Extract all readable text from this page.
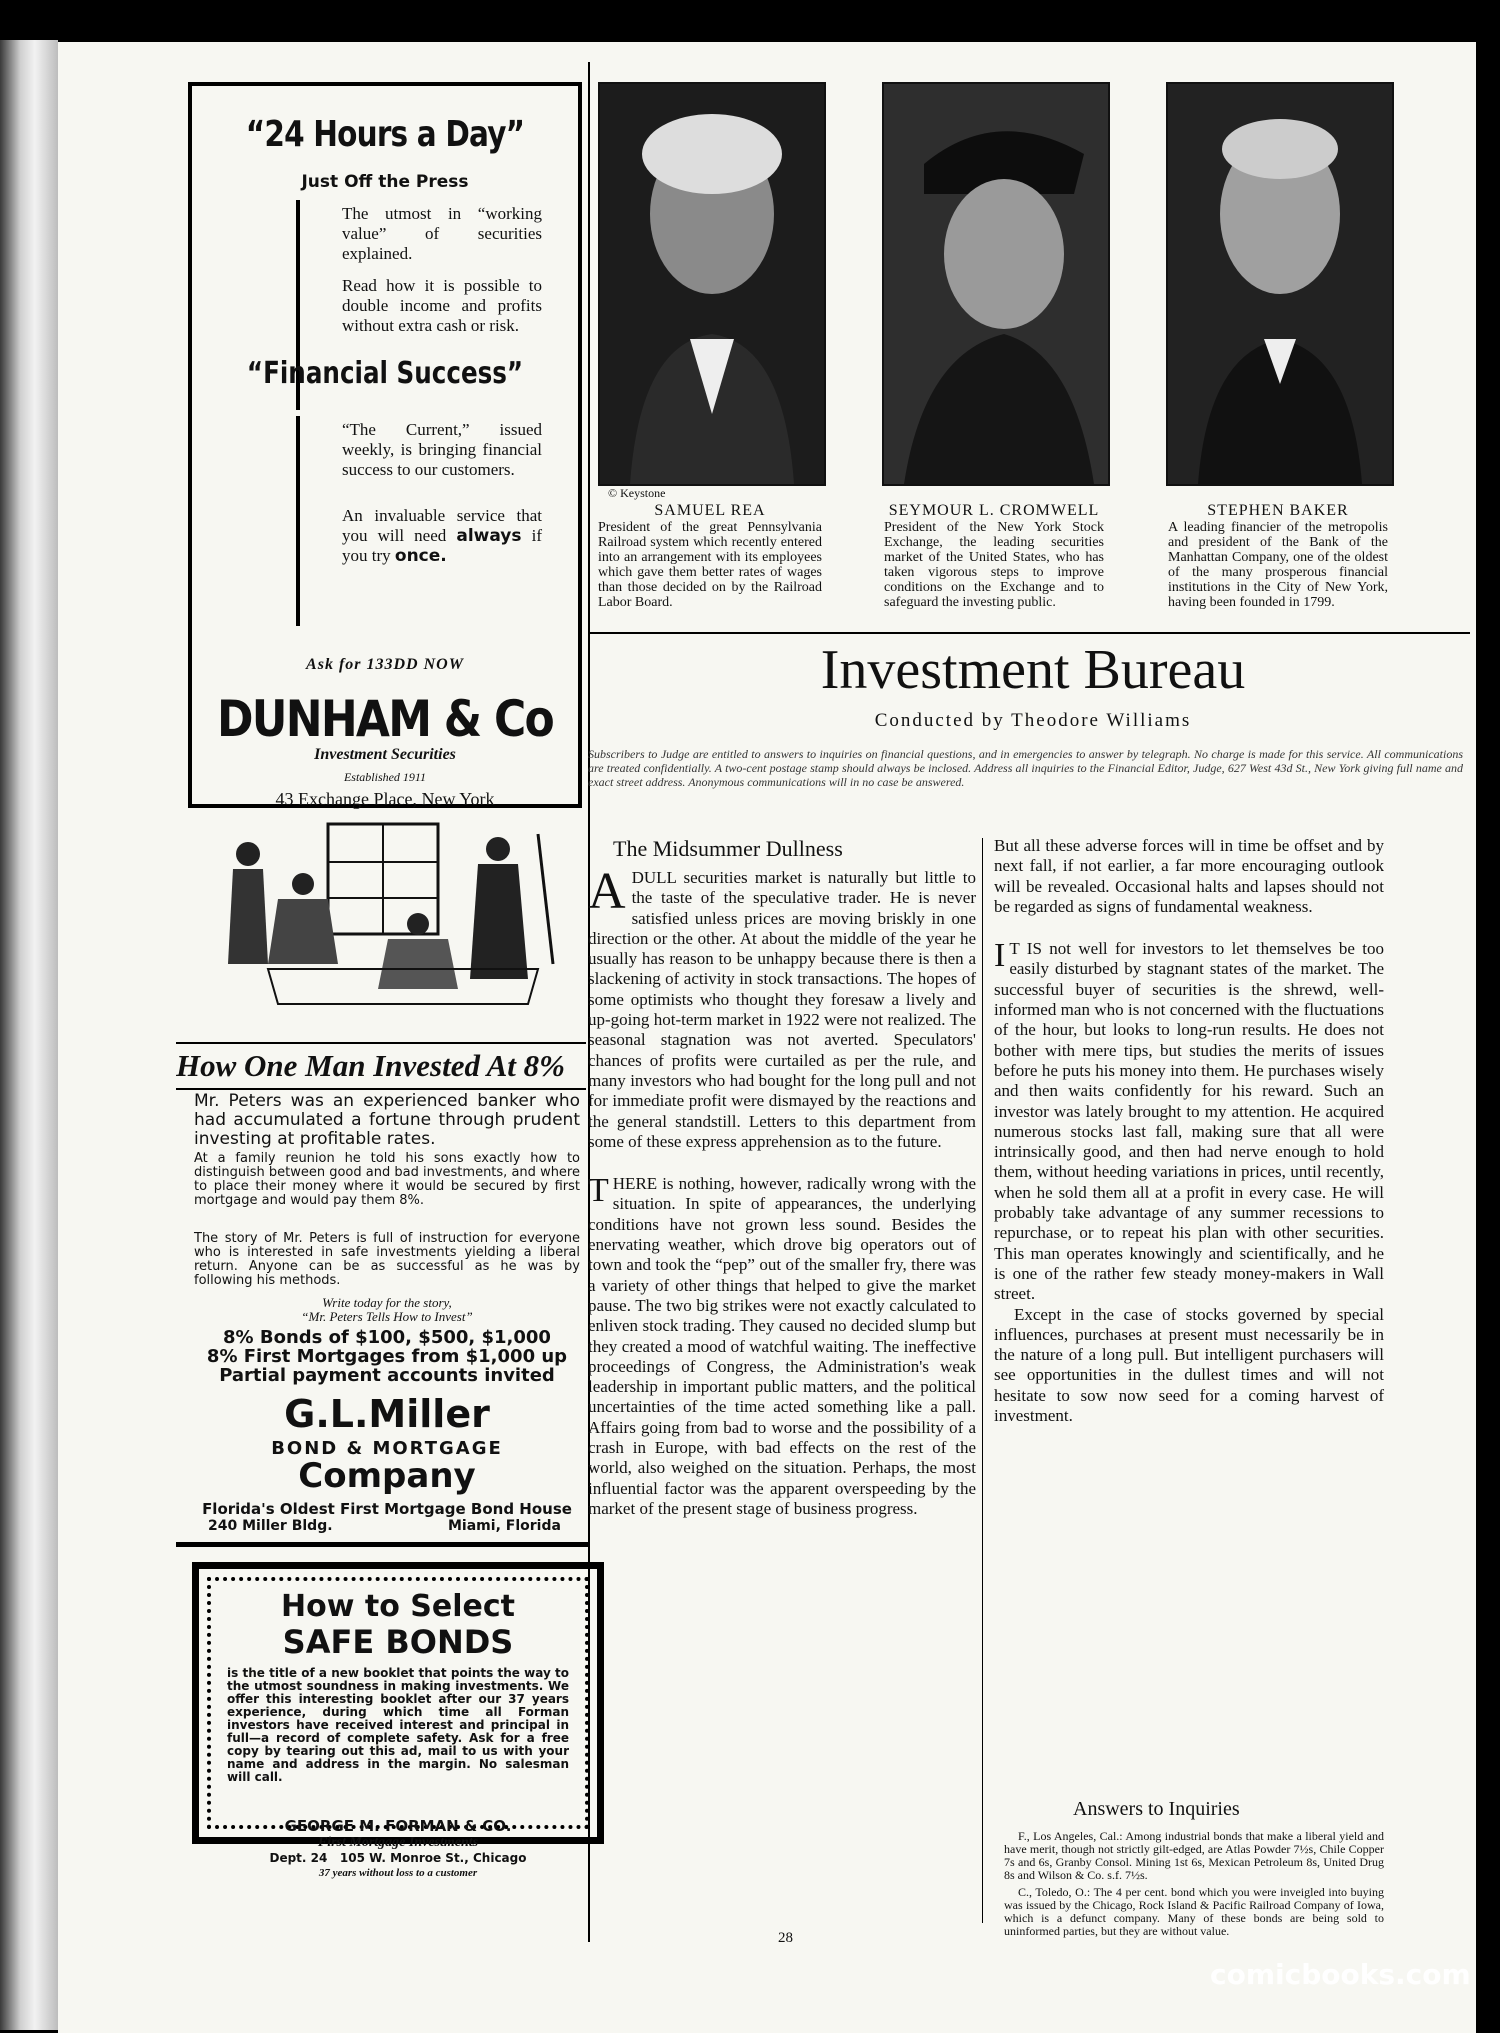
“24 Hours a Day”
Just Off the Press
The utmost in “working value” of securities explained.
Read how it is possible to double income and profits without extra cash or risk.
“Financial Success”
“The Current,” issued weekly, is bringing financial success to our customers.
An invaluable service that you will need always if you try once.
Ask for 133DD NOW
DUNHAM & Co
Investment Securities
Established 1911
43 Exchange Place, New York
How One Man Invested At 8%
Mr. Peters was an experienced banker who had accumulated a fortune through prudent investing at profitable rates.
At a family reunion he told his sons exactly how to distinguish between good and bad investments, and where to place their money where it would be secured by first mortgage and would pay them 8%.
The story of Mr. Peters is full of instruction for everyone who is interested in safe investments yielding a liberal return. Anyone can be as successful as he was by following his methods.
Write today for the story,
“Mr. Peters Tells How to Invest”
8% Bonds of $100, $500, $1,000
8% First Mortgages from $1,000 up
Partial payment accounts invited
G.L.Miller
BOND & MORTGAGE
Company
Florida's Oldest First Mortgage Bond House
240 Miller Bldg.	Miami, Florida
How to Select
SAFE BONDS
is the title of a new booklet that points the way to the utmost soundness in making investments. We offer this interesting booklet after our 37 years experience, during which time all Forman investors have received interest and principal in full—a record of complete safety. Ask for a free copy by tearing out this ad, mail to us with your name and address in the margin. No salesman will call.
GEORGE M. FORMAN & CO.
First Mortgage Investments
Dept. 24   105 W. Monroe St., Chicago
37 years without loss to a customer
© Keystone
SAMUEL REA
President of the great Pennsylvania Railroad system which recently entered into an arrangement with its employees which gave them better rates of wages than those decided on by the Railroad Labor Board.
SEYMOUR L. CROMWELL
President of the New York Stock Exchange, the leading securities market of the United States, who has taken vigorous steps to improve conditions on the Exchange and to safeguard the investing public.
STEPHEN BAKER
A leading financier of the metropolis and president of the Bank of the Manhattan Company, one of the oldest of the many prosperous financial institutions in the City of New York, having been founded in 1799.
Investment Bureau
Conducted by Theodore Williams
Subscribers to Judge are entitled to answers to inquiries on financial questions, and in emergencies to answer by telegraph. No charge is made for this service. All communications are treated confidentially. A two-cent postage stamp should always be inclosed. Address all inquiries to the Financial Editor, Judge, 627 West 43d St., New York giving full name and exact street address. Anonymous communications will in no case be answered.
The Midsummer Dullness

ADULL securities market is naturally but little to the taste of the speculative trader. He is never satisfied unless prices are moving briskly in one direction or the other. At about the middle of the year he usually has reason to be unhappy because there is then a slackening of activity in stock transactions. The hopes of some optimists who thought they foresaw a lively and up-going hot-term market in 1922 were not realized. The seasonal stagnation was not averted. Speculators' chances of profits were curtailed as per the rule, and many investors who had bought for the long pull and not for immediate profit were dismayed by the reactions and the general standstill. Letters to this department from some of these express apprehension as to the future.

THERE is nothing, however, radically wrong with the situation. In spite of appearances, the underlying conditions have not grown less sound. Besides the enervating weather, which drove big operators out of town and took the “pep” out of the smaller fry, there was a variety of other things that helped to give the market pause. The two big strikes were not exactly calculated to enliven stock trading. They caused no decided slump but they created a mood of watchful waiting. The ineffective proceedings of Congress, the Administration's weak leadership in important public matters, and the political uncertainties of the time acted something like a pall. Affairs going from bad to worse and the possibility of a crash in Europe, with bad effects on the rest of the world, also weighed on the situation. Perhaps, the most influential factor was the apparent overspeeding by the market of the present stage of business progress.

But all these adverse forces will in time be offset and by next fall, if not earlier, a far more encouraging outlook will be revealed. Occasional halts and lapses should not be regarded as signs of fundamental weakness.

I T IS not well for investors to let themselves be too easily disturbed by stagnant states of the market. The successful buyer of securities is the shrewd, well-informed man who is not concerned with the fluctuations of the hour, but looks to long-run results. He does not bother with mere tips, but studies the merits of issues before he puts his money into them. He purchases wisely and then waits confidently for his reward. Such an investor was lately brought to my attention. He acquired numerous stocks last fall, making sure that all were intrinsically good, and then had nerve enough to hold them, without heeding variations in prices, until recently, when he sold them all at a profit in every case. He will probably take advantage of any summer recessions to repurchase, or to repeat his plan with other securities. This man operates knowingly and scientifically, and he is one of the rather few steady money-makers in Wall street.

Except in the case of stocks governed by special influences, purchases at present must necessarily be in the nature of a long pull. But intelligent purchasers will see opportunities in the dullest times and will not hesitate to sow now seed for a coming harvest of investment.

Answers to Inquiries
F., Los Angeles, Cal.: Among industrial bonds that make a liberal yield and have merit, though not strictly gilt-edged, are Atlas Powder 7½s, Chile Copper 7s and 6s, Granby Consol. Mining 1st 6s, Mexican Petroleum 8s, United Drug 8s and Wilson & Co. s.f. 7½s.
C., Toledo, O.: The 4 per cent. bond which you were inveigled into buying was issued by the Chicago, Rock Island & Pacific Railroad Company of Iowa, which is a defunct company. Many of these bonds are being sold to uninformed parties, but they are without value.
28
comicbooks.com
